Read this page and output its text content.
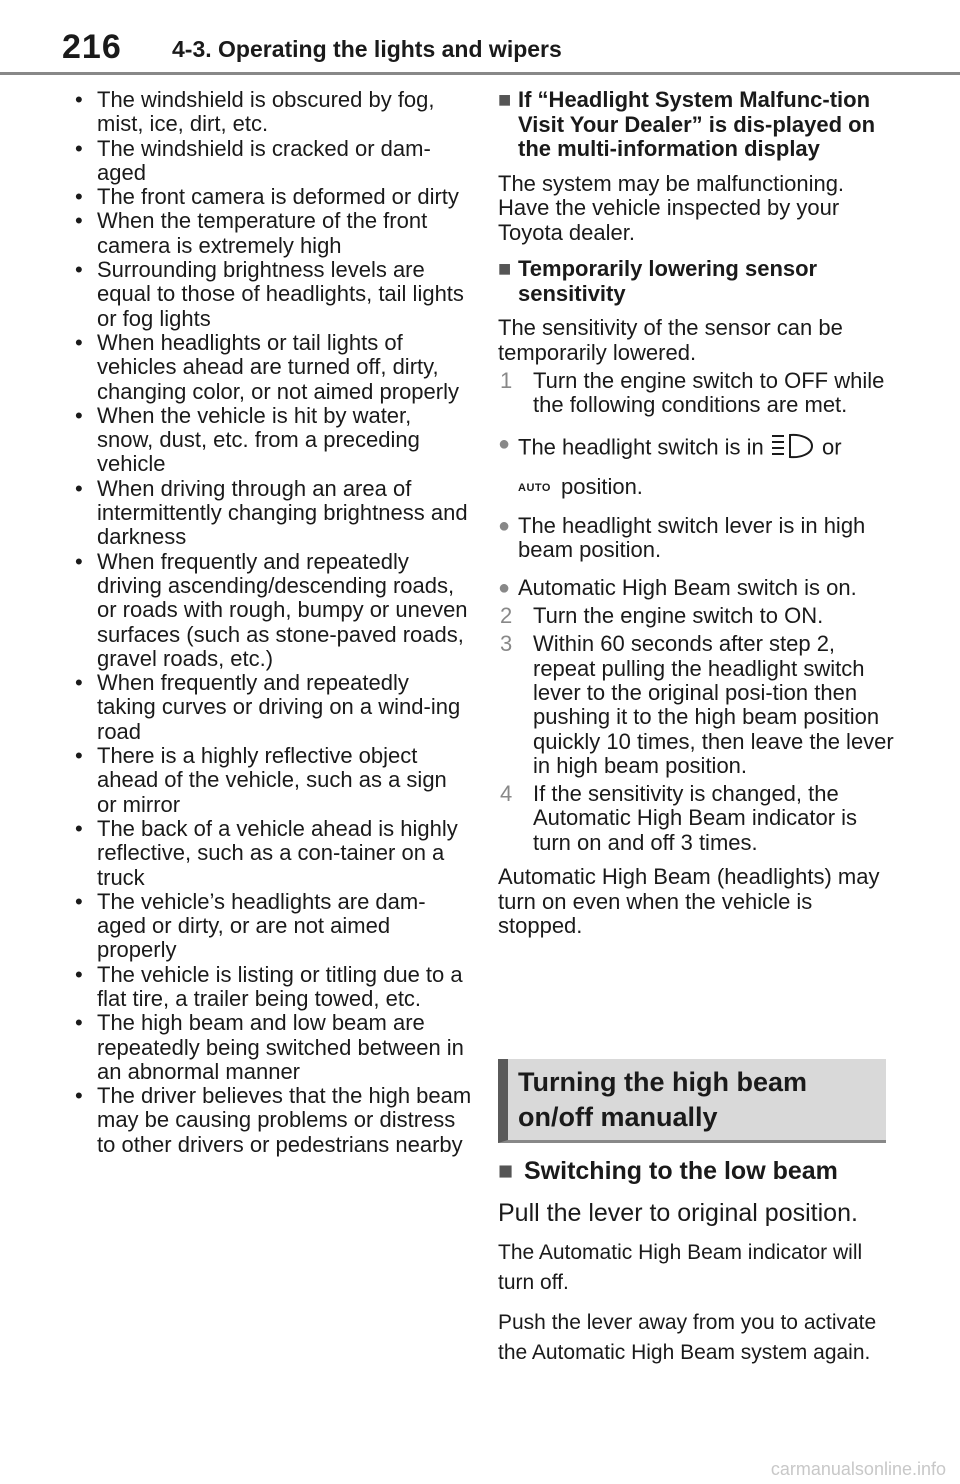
216 4-3. Operating the lights and wipers
• The windshield is obscured by fog, mist, ice, dirt, etc.
• The windshield is cracked or dam-aged
• The front camera is deformed or dirty
• When the temperature of the front camera is extremely high
• Surrounding brightness levels are equal to those of headlights, tail lights or fog lights
• When headlights or tail lights of vehicles ahead are turned off, dirty, changing color, or not aimed properly
• When the vehicle is hit by water, snow, dust, etc. from a preceding vehicle
• When driving through an area of intermittently changing brightness and darkness
• When frequently and repeatedly driving ascending/descending roads, or roads with rough, bumpy or uneven surfaces (such as stone-paved roads, gravel roads, etc.)
• When frequently and repeatedly taking curves or driving on a wind-ing road
• There is a highly reflective object ahead of the vehicle, such as a sign or mirror
• The back of a vehicle ahead is highly reflective, such as a con-tainer on a truck
• The vehicle’s headlights are dam-aged or dirty, or are not aimed properly
• The vehicle is listing or titling due to a flat tire, a trailer being towed, etc.
• The high beam and low beam are repeatedly being switched between in an abnormal manner
• The driver believes that the high beam may be causing problems or distress to other drivers or pedestrians nearby

■ If “Headlight System Malfunc-tion Visit Your Dealer” is dis-played on the multi-information display

The system may be malfunctioning. Have the vehicle inspected by your Toyota dealer.

■ Temporarily lowering sensor sensitivity

The sensitivity of the sensor can be temporarily lowered.

1 Turn the engine switch to OFF while the following conditions are met.

● The headlight switch is in	or

AUTO position.

● The headlight switch lever is in high beam position.

● Automatic High Beam switch is on.

2 Turn the engine switch to ON.

3 Within 60 seconds after step 2, repeat pulling the headlight switch lever to the original posi-tion then pushing it to the high beam position quickly 10 times, then leave the lever in high beam position.

4 If the sensitivity is changed, the Automatic High Beam indicator is turn on and off 3 times.

Automatic High Beam (headlights) may turn on even when the vehicle is stopped.

Turning the high beam on/off manually

■ Switching to the low beam

Pull the lever to original position.

The Automatic High Beam indicator will turn off.

Push the lever away from you to activate the Automatic High Beam system again.

carmanualsonline.info
